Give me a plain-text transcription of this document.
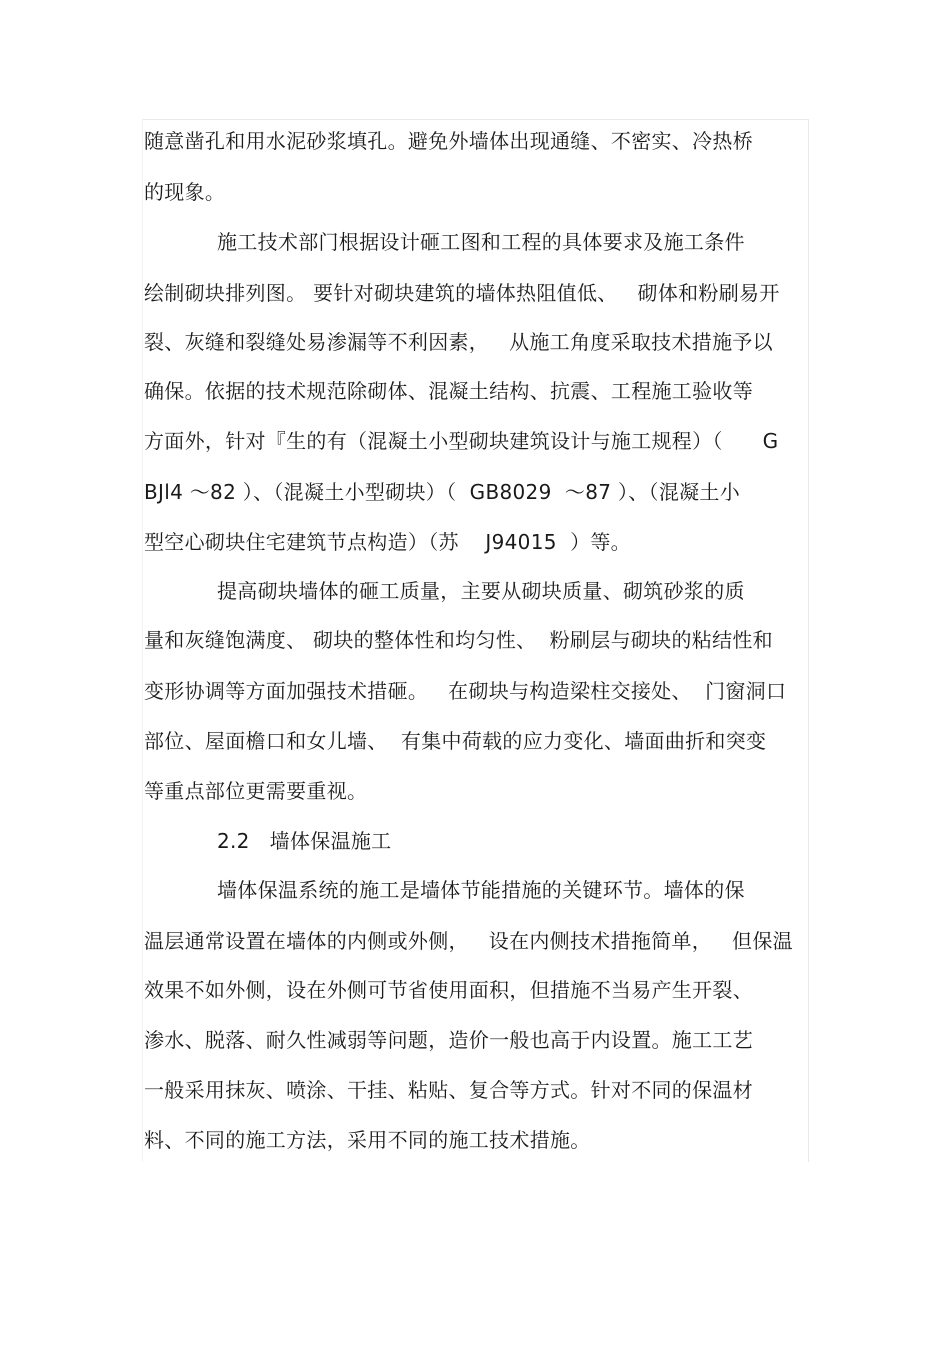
随意凿孔和用水泥砂浆填孔。避免外墙体出现通缝、不密实、冷热桥
的现象。
施工技术部门根据设计砸工图和工程的具体要求及施工条件
绘制砌块排列图。 要针对砌块建筑的墙体热阻值低、   砌体和粉刷易开
裂、灰缝和裂缝处易渗漏等不利因素，   从施工角度采取技术措施予以
确保。依据的技术规范除砌体、混凝土结构、抗震、工程施工验收等
方面外，针对『生的有（混凝土小型砌块建筑设计与施工规程）（      G
BJl4 ～82 ）、（混凝土小型砌块）（  GB8029  ～87 ）、（混凝土小
型空心砌块住宅建筑节点构造）（苏    J94015  ）等。
提高砌块墙体的砸工质量，主要从砌块质量、砌筑砂浆的质
量和灰缝饱满度、 砌块的整体性和均匀性、  粉刷层与砌块的粘结性和
变形协调等方面加强技术措砸。   在砌块与构造梁柱交接处、  门窗洞口
部位、屋面檐口和女儿墙、  有集中荷载的应力变化、墙面曲折和突变
等重点部位更需要重视。
2.2   墙体保温施工
墙体保温系统的施工是墙体节能措施的关键环节。墙体的保
温层通常设置在墙体的内侧或外侧，   设在内侧技术措拖简单，   但保温
效果不如外侧，设在外侧可节省使用面积，但措施不当易产生开裂、
渗水、脱落、耐久性减弱等问题，造价一般也高于内设置。施工工艺
一般采用抹灰、喷涂、干挂、粘贴、复合等方式。针对不同的保温材
料、不同的施工方法，采用不同的施工技术措施。
